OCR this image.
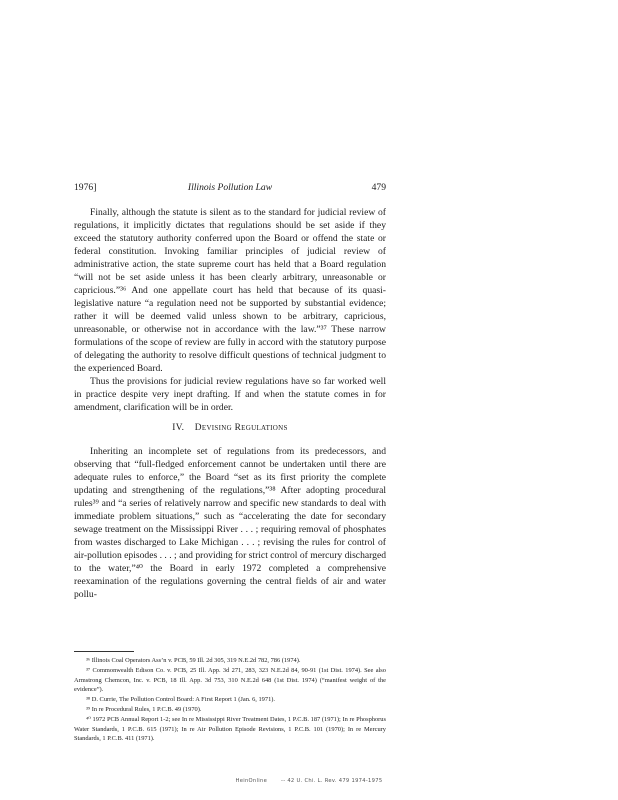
1976]	Illinois Pollution Law	479

Finally, although the statute is silent as to the standard for judicial review of regulations, it implicitly dictates that regulations should be set aside if they exceed the statutory authority conferred upon the Board or offend the state or federal constitution. Invoking familiar principles of judicial review of administrative action, the state supreme court has held that a Board regulation “will not be set aside unless it has been clearly arbitrary, unreasonable or capricious.”³⁶ And one appellate court has held that because of its quasi-legislative nature “a regulation need not be supported by substantial evidence; rather it will be deemed valid unless shown to be arbitrary, capricious, unreasonable, or otherwise not in accordance with the law.”³⁷ These narrow formulations of the scope of review are fully in accord with the statutory purpose of delegating the authority to resolve difficult questions of technical judgment to the experienced Board.

Thus the provisions for judicial review regulations have so far worked well in practice despite very inept drafting. If and when the statute comes in for amendment, clarification will be in order.

IV. Devising Regulations

Inheriting an incomplete set of regulations from its predecessors, and observing that “full-fledged enforcement cannot be undertaken until there are adequate rules to enforce,” the Board “set as its first priority the complete updating and strengthening of the regulations,”³⁸ After adopting procedural rules³⁹ and “a series of relatively narrow and specific new standards to deal with immediate problem situations,” such as “accelerating the date for secondary sewage treatment on the Mississippi River . . . ; requiring removal of phosphates from wastes discharged to Lake Michigan . . . ; revising the rules for control of air-pollution episodes . . . ; and providing for strict control of mercury discharged to the water,”⁴⁰ the Board in early 1972 completed a comprehensive reexamination of the regulations governing the central fields of air and water pollu-

³⁶ Illinois Coal Operators Ass’n v. PCB, 59 Ill. 2d 305, 319 N.E.2d 782, 786 (1974).

³⁷ Commonwealth Edison Co. v. PCB, 25 Ill. App. 3d 271, 283, 323 N.E.2d 84, 90-91 (1st Dist. 1974). See also Armstrong Chemcon, Inc. v. PCB, 18 Ill. App. 3d 753, 310 N.E.2d 648 (1st Dist. 1974) (“manifest weight of the evidence”).

³⁸ D. Currie, The Pollution Control Board: A First Report 1 (Jan. 6, 1971).

³⁹ In re Procedural Rules, 1 P.C.B. 49 (1970).

⁴⁰ 1972 PCB Annual Report 1-2; see In re Mississippi River Treatment Dates, 1 P.C.B. 187 (1971); In re Phosphorus Water Standards, 1 P.C.B. 615 (1971); In re Air Pollution Episode Revisions, 1 P.C.B. 101 (1970); In re Mercury Standards, 1 P.C.B. 411 (1971).

HeinOnline	-- 42 U. Chi. L. Rev. 479 1974-1975
